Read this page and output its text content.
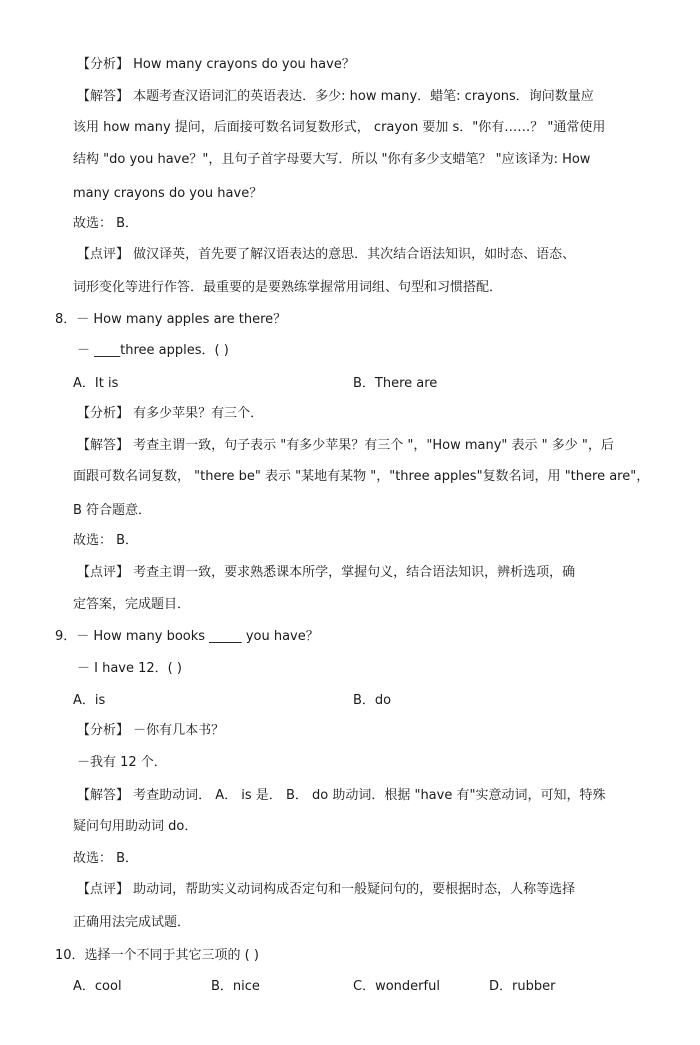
【分析】 How many crayons do you have？
【解答】 本题考查汉语词汇的英语表达．多少: how many．蜡笔: crayons．询问数量应
该用 how many 提问，后面接可数名词复数形式， crayon 要加 s．"你有……？ "通常使用
结构 "do you have？"，且句子首字母要大写．所以 "你有多少支蜡笔？ "应该译为: How
many crayons do you have？
故选： B．
【点评】 做汉译英，首先要了解汉语表达的意思．其次结合语法知识，如时态、语态、
词形变化等进行作答．最重要的是要熟练掌握常用词组、句型和习惯搭配．
8．－ How many apples are there？
－ ____three apples．( )
A．It is	B．There are
【分析】 有多少苹果？有三个．
【解答】 考查主谓一致，句子表示 "有多少苹果？有三个 "，"How many" 表示 " 多少 "，后
面跟可数名词复数， "there be" 表示 "某地有某物 "，"three apples"复数名词，用 "there are"，
B 符合题意．
故选： B．
【点评】 考查主谓一致，要求熟悉课本所学，掌握句义，结合语法知识，辨析选项，确
定答案，完成题目．
9．－ How many books _____ you have？
－ I have 12．( )
A．is	B．do
【分析】 －你有几本书？
－我有 12 个．
【解答】 考查助动词． A． is 是． B． do 助动词．根据 "have 有"实意动词，可知，特殊
疑问句用助动词 do．
故选： B．
【点评】 助动词，帮助实义动词构成否定句和一般疑问句的，要根据时态，人称等选择
正确用法完成试题．
10．选择一个不同于其它三项的 ( )
A．cool	B．nice	C．wonderful	D．rubber
